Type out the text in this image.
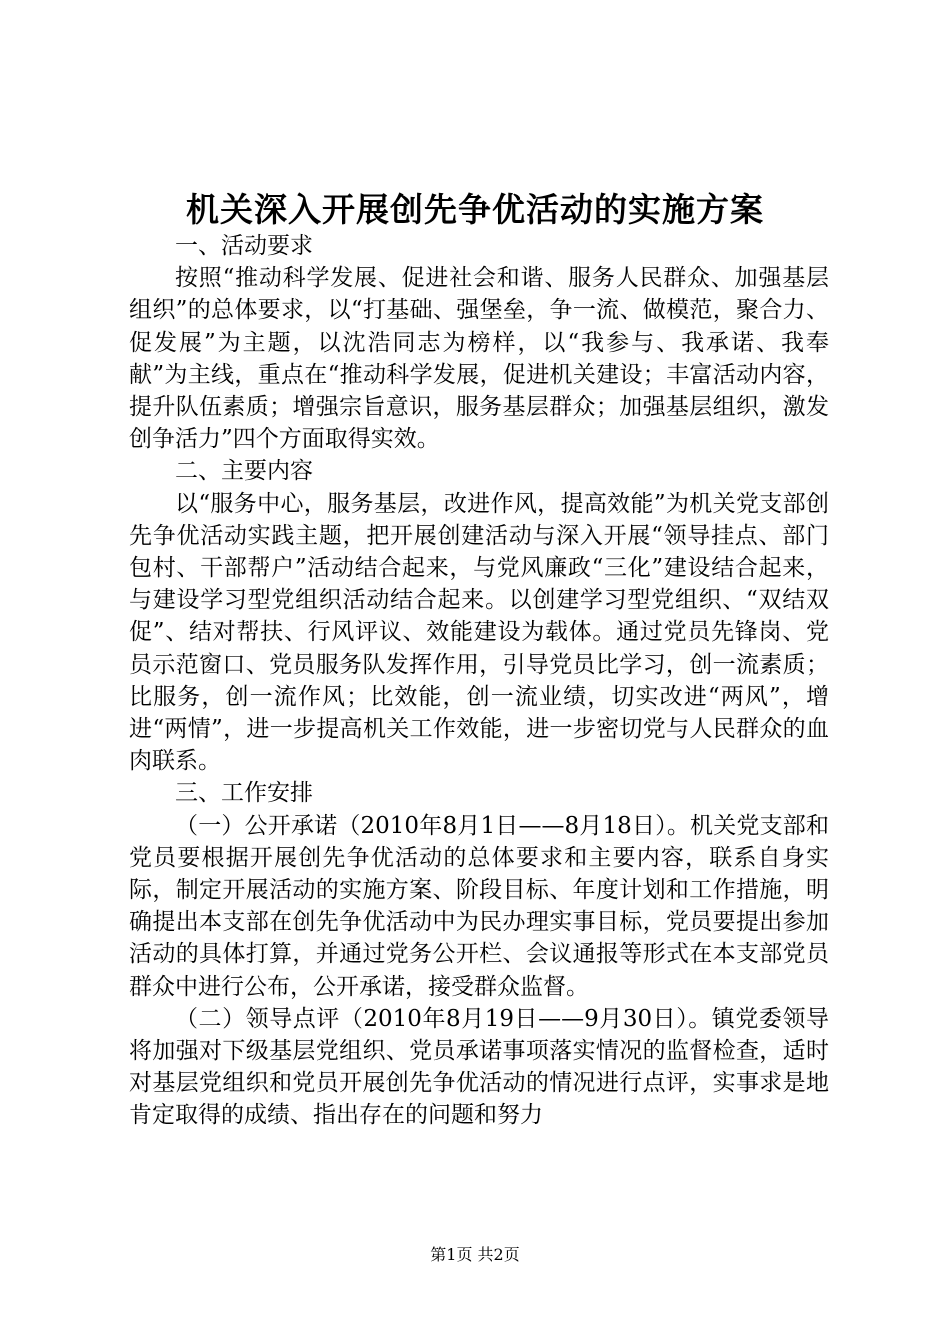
机关深入开展创先争优活动的实施方案

一、活动要求

按照“推动科学发展、促进社会和谐、服务人民群众、加强基层组织”的总体要求，以“打基础、强堡垒，争一流、做模范，聚合力、促发展”为主题，以沈浩同志为榜样，以“我参与、我承诺、我奉献”为主线，重点在“推动科学发展，促进机关建设；丰富活动内容，提升队伍素质；增强宗旨意识，服务基层群众；加强基层组织，激发创争活力”四个方面取得实效。

二、主要内容

以“服务中心，服务基层，改进作风，提高效能”为机关党支部创先争优活动实践主题，把开展创建活动与深入开展“领导挂点、部门包村、干部帮户”活动结合起来，与党风廉政“三化”建设结合起来，与建设学习型党组织活动结合起来。以创建学习型党组织、“双结双促”、结对帮扶、行风评议、效能建设为载体。通过党员先锋岗、党员示范窗口、党员服务队发挥作用，引导党员比学习，创一流素质；比服务，创一流作风；比效能，创一流业绩，切实改进“两风”，增进“两情”，进一步提高机关工作效能，进一步密切党与人民群众的血肉联系。

三、工作安排

（一）公开承诺（2010年8月1日——8月18日）。机关党支部和党员要根据开展创先争优活动的总体要求和主要内容，联系自身实际，制定开展活动的实施方案、阶段目标、年度计划和工作措施，明确提出本支部在创先争优活动中为民办理实事目标，党员要提出参加活动的具体打算，并通过党务公开栏、会议通报等形式在本支部党员群众中进行公布，公开承诺，接受群众监督。

（二）领导点评（2010年8月19日——9月30日）。镇党委领导将加强对下级基层党组织、党员承诺事项落实情况的监督检查，适时对基层党组织和党员开展创先争优活动的情况进行点评，实事求是地肯定取得的成绩、指出存在的问题和努力

第1页 共2页
